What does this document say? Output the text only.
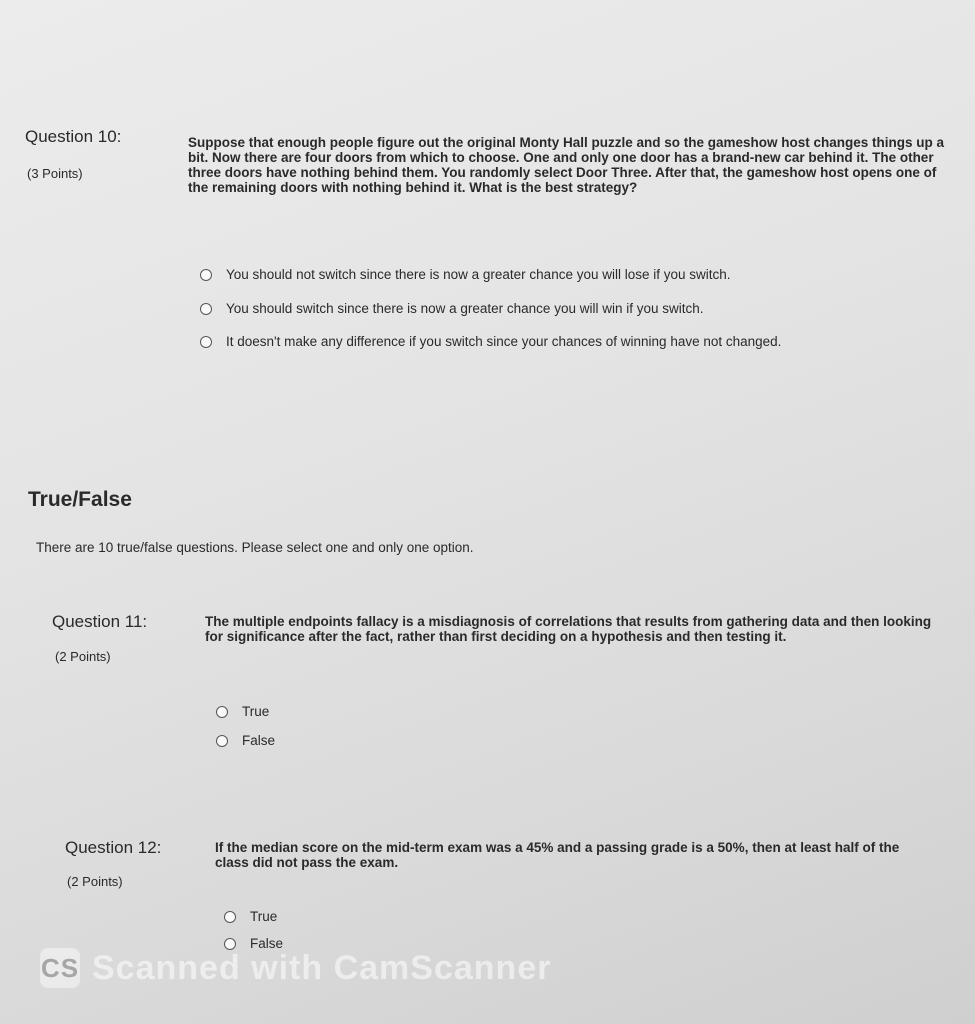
Question 10:
(3 Points)
Suppose that enough people figure out the original Monty Hall puzzle and so the gameshow host changes things up a bit. Now there are four doors from which to choose. One and only one door has a brand-new car behind it. The other three doors have nothing behind them. You randomly select Door Three. After that, the gameshow host opens one of the remaining doors with nothing behind it. What is the best strategy?
You should not switch since there is now a greater chance you will lose if you switch.
You should switch since there is now a greater chance you will win if you switch.
It doesn't make any difference if you switch since your chances of winning have not changed.
True/False
There are 10 true/false questions. Please select one and only one option.
Question 11:
(2 Points)
The multiple endpoints fallacy is a misdiagnosis of correlations that results from gathering data and then looking for significance after the fact, rather than first deciding on a hypothesis and then testing it.
True
False
Question 12:
(2 Points)
If the median score on the mid-term exam was a 45% and a passing grade is a 50%, then at least half of the class did not pass the exam.
True
False
CS Scanned with CamScanner
